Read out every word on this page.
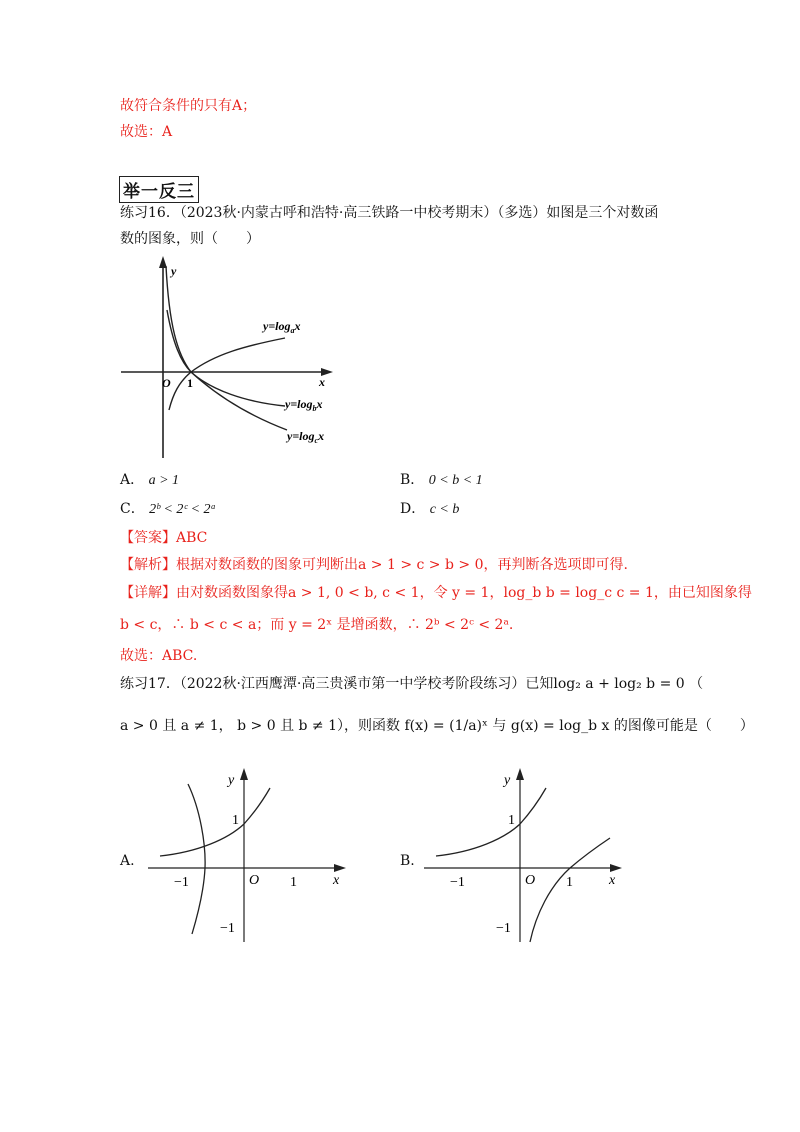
故符合条件的只有A；
故选：A
举一反三
练习16．（2023秋·内蒙古呼和浩特·高三铁路一中校考期末）（多选）如图是三个对数函
数的图象，则（　　）
y
x
O 1
$y=\log_ax$
$y=\log_bx$
$y=\log_cx$
A． a > 1	B． 0 < b < 1
C． 2ᵇ < 2ᶜ < 2ᵃ	D． c < b
【答案】ABC
【解析】根据对数函数的图象可判断出a > 1 > c > b > 0，再判断各选项即可得.
【详解】由对数函数图象得a > 1, 0 < b, c < 1，令 y = 1，log_b b = log_c c = 1，由已知图象得
b < c，∴ b < c < a；而 y = 2ˣ 是增函数，∴ 2ᵇ < 2ᶜ < 2ᵃ.
故选：ABC.
练习17．（2022秋·江西鹰潭·高三贵溪市第一中学校考阶段练习）已知log₂ a + log₂ b = 0 （
a > 0 且 a ≠ 1， b > 0 且 b ≠ 1），则函数 f(x) = (1/a)ˣ 与 g(x) = log_b x 的图像可能是（　　）
A.
y
x
O
1
−1	1
−1
B.
y
x
O
1
−1	1
−1
